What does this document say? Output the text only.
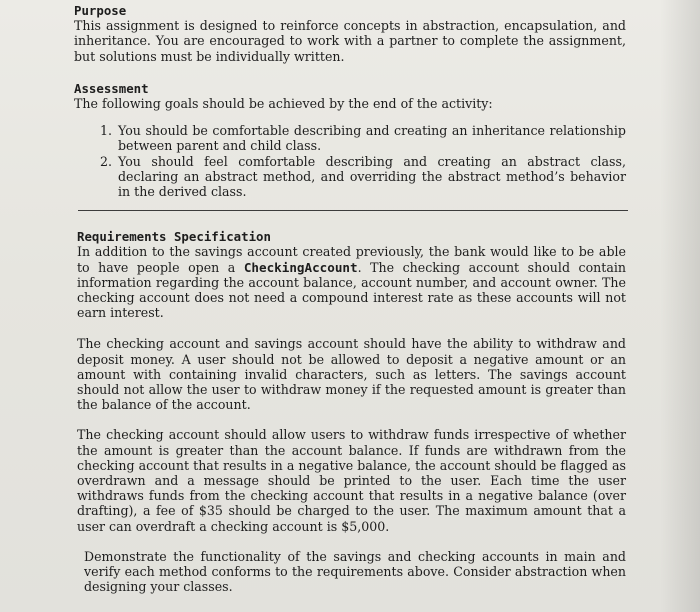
Purpose

This assignment is designed to reinforce concepts in abstraction, encapsulation, and inheritance. You are encouraged to work with a partner to complete the assignment, but solutions must be individually written.

Assessment

The following goals should be achieved by the end of the activity:

1. You should be comfortable describing and creating an inheritance relationship between parent and child class.

2. You should feel comfortable describing and creating an abstract class, declaring an abstract method, and overriding the abstract method’s behavior in the derived class.

Requirements Specification

In addition to the savings account created previously, the bank would like to be able to have people open a CheckingAccount. The checking account should contain information regarding the account balance, account number, and account owner. The checking account does not need a compound interest rate as these accounts will not earn interest.

The checking account and savings account should have the ability to withdraw and deposit money. A user should not be allowed to deposit a negative amount or an amount with containing invalid characters, such as letters. The savings account should not allow the user to withdraw money if the requested amount is greater than the balance of the account.

The checking account should allow users to withdraw funds irrespective of whether the amount is greater than the account balance. If funds are withdrawn from the checking account that results in a negative balance, the account should be flagged as overdrawn and a message should be printed to the user. Each time the user withdraws funds from the checking account that results in a negative balance (over drafting), a fee of $35 should be charged to the user. The maximum amount that a user can overdraft a checking account is $5,000.

Demonstrate the functionality of the savings and checking accounts in main and verify each method conforms to the requirements above. Consider abstraction when designing your classes.
